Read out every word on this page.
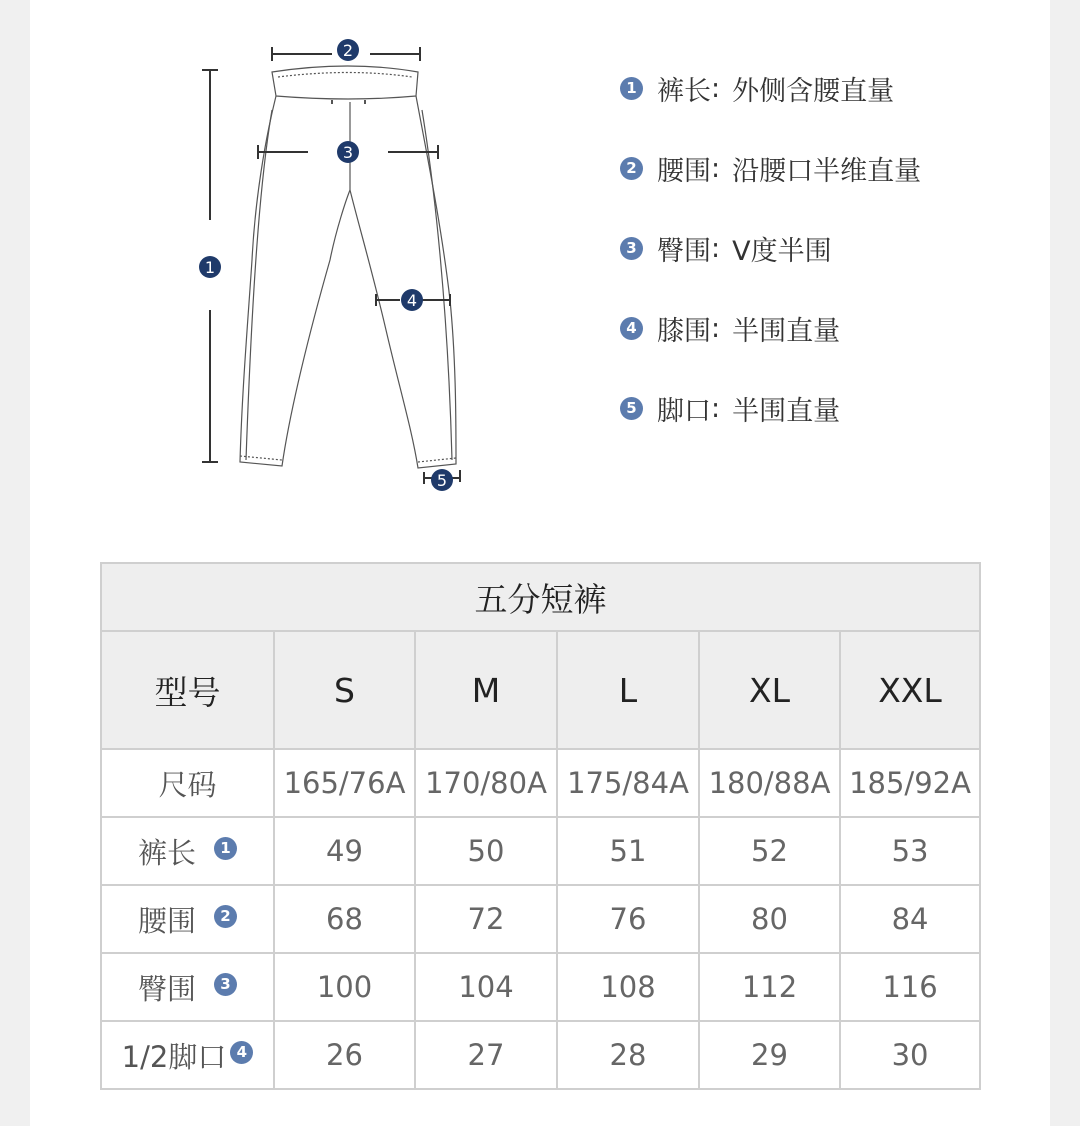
1
2
3
4
5
1 裤长 : 外侧含腰直量
2 腰围 : 沿腰口半维直量
3 臀围 : V度半围
4 膝围 : 半围直量
5 脚口 : 半围直量
五分短裤					
型号	S	M	L	XL	XXL
尺码	165/76A	170/80A	175/84A	180/88A	185/92A
裤长 1	49	50	51	52	53
腰围 2	68	72	76	80	84
臀围 3	100	104	108	112	116
1/2脚口 4	26	27	28	29	30
